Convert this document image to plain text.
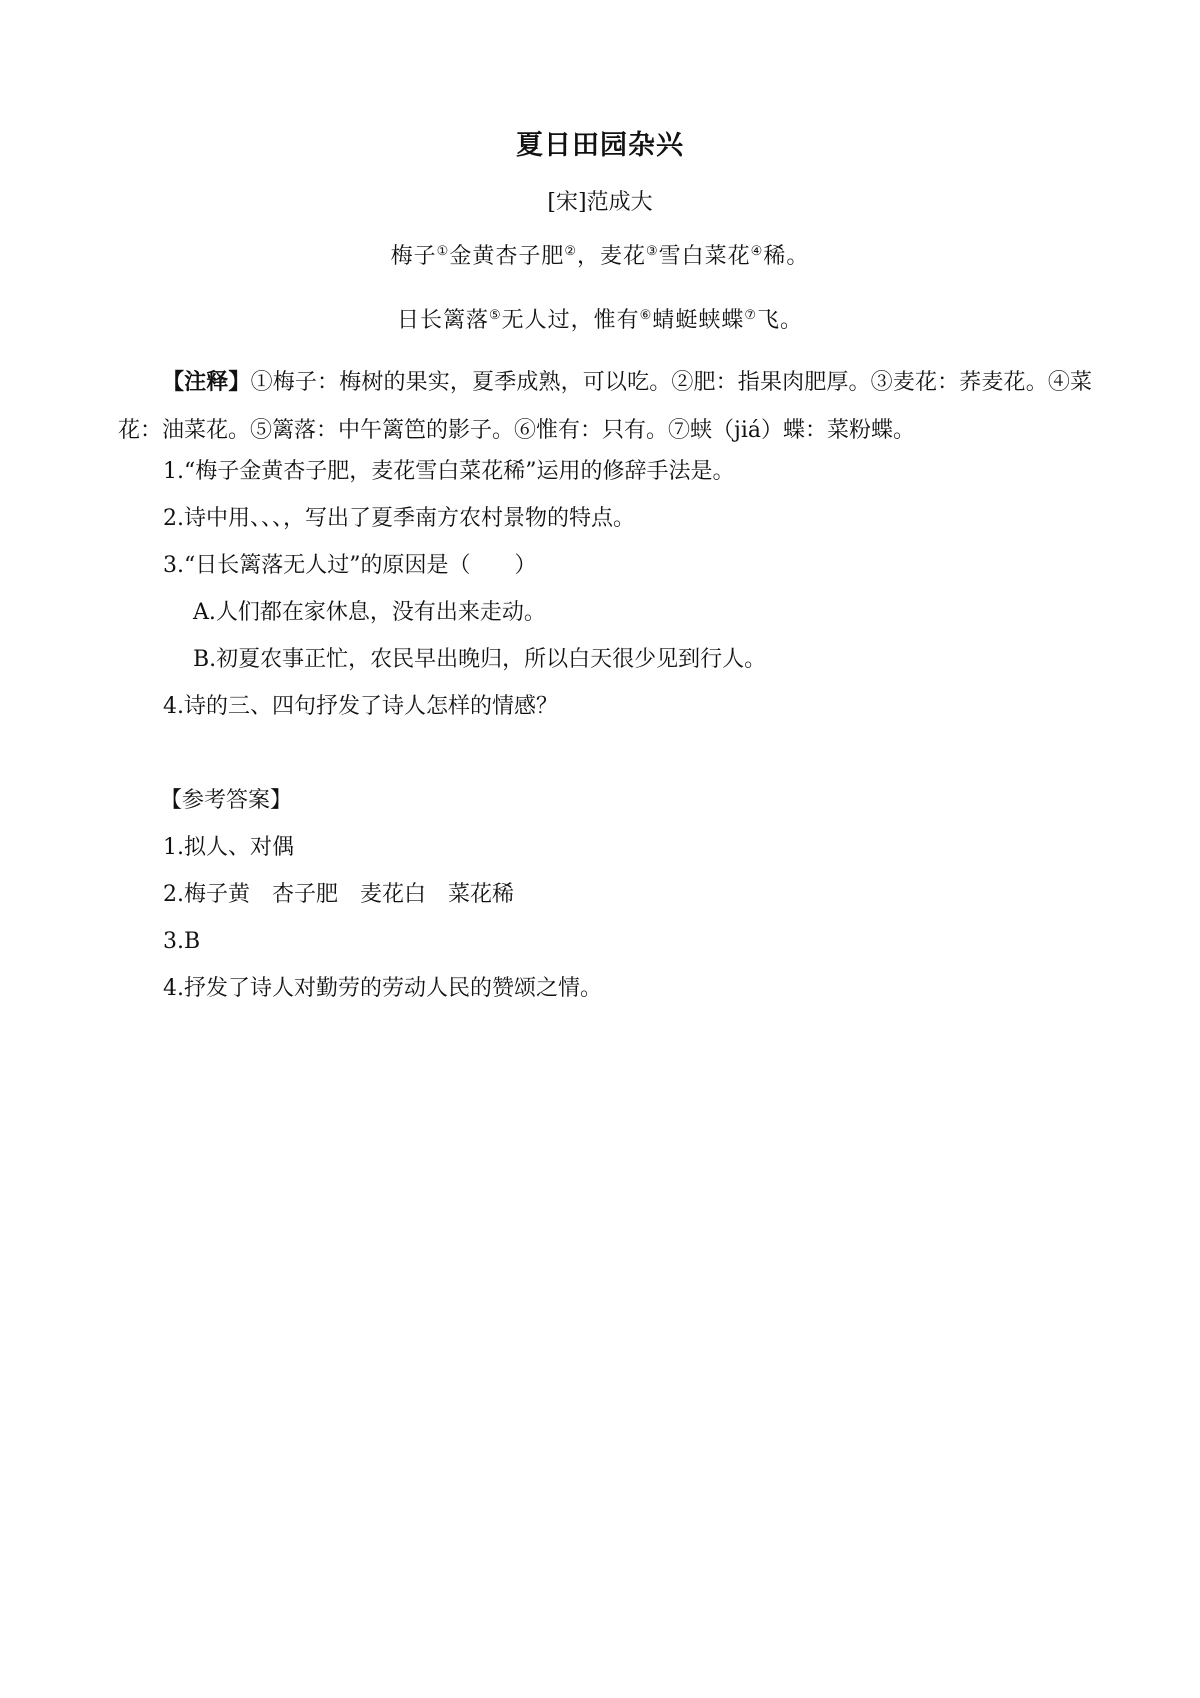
夏日田园杂兴
[宋]范成大
梅子①金黄杏子肥②，麦花③雪白菜花④稀。
日长篱落⑤无人过，惟有⑥蜻蜓蛱蝶⑦飞。
【注释】①梅子：梅树的果实，夏季成熟，可以吃。②肥：指果肉肥厚。③麦花：荞麦花。④菜花：油菜花。⑤篱落：中午篱笆的影子。⑥惟有：只有。⑦蛱（jiá）蝶：菜粉蝶。
1.“梅子金黄杏子肥，麦花雪白菜花稀”运用的修辞手法是。
2.诗中用、、、，写出了夏季南方农村景物的特点。
3.“日长篱落无人过”的原因是（　　）
A.人们都在家休息，没有出来走动。
B.初夏农事正忙，农民早出晚归，所以白天很少见到行人。
4.诗的三、四句抒发了诗人怎样的情感？
【参考答案】
1.拟人、对偶
2.梅子黄　杏子肥　麦花白　菜花稀
3.B
4.抒发了诗人对勤劳的劳动人民的赞颂之情。
